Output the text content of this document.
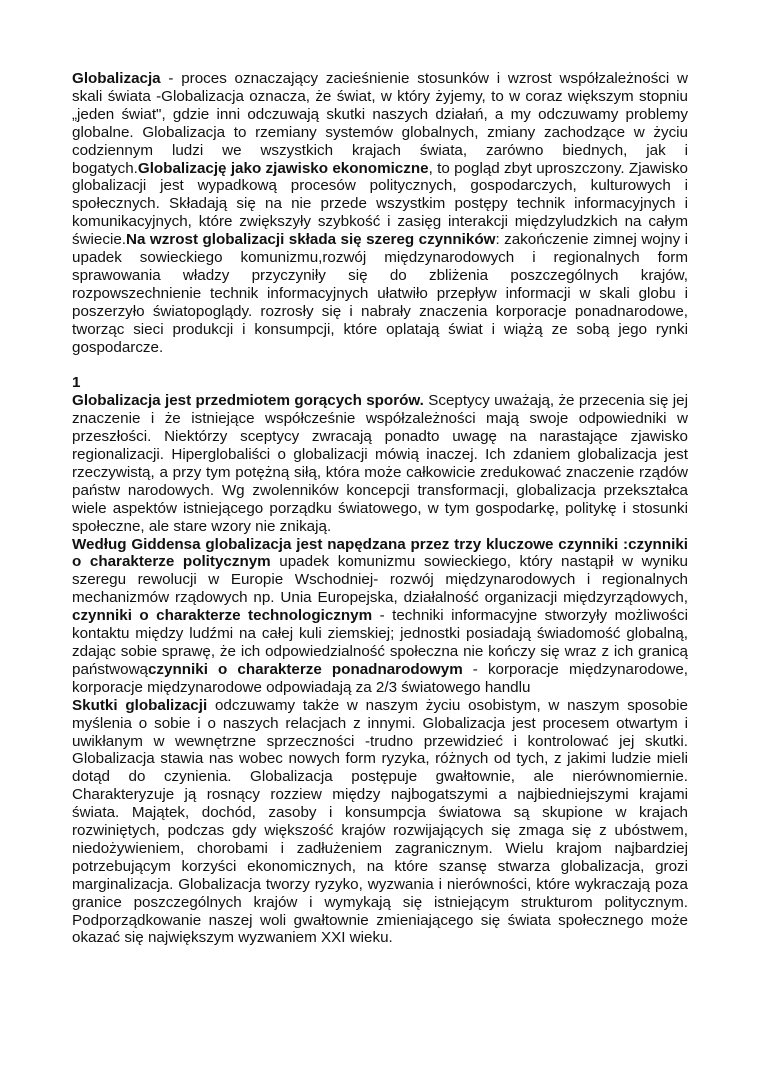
Globalizacja - proces oznaczający zacieśnienie stosunków i wzrost współzależności w skali świata -Globalizacja oznacza, że świat, w który żyjemy, to w coraz większym stopniu „jeden świat", gdzie inni odczuwają skutki naszych działań, a my odczuwamy problemy globalne. Globalizacja to rzemiany systemów globalnych, zmiany zachodzące w życiu codziennym ludzi we wszystkich krajach świata, zarówno biednych, jak i bogatych.Globalizację jako zjawisko ekonomiczne, to pogląd zbyt uproszczony. Zjawisko globalizacji jest wypadkową procesów politycznych, gospodarczych, kulturowych i społecznych. Składają się na nie przede wszystkim postępy technik informacyjnych i komunikacyjnych, które zwiększyły szybkość i zasięg interakcji międzyludzkich na całym świecie.Na wzrost globalizacji składa się szereg czynników: zakończenie zimnej wojny i upadek sowieckiego komunizmu,rozwój międzynarodowych i regionalnych form sprawowania władzy przyczyniły się do zbliżenia poszczególnych krajów, rozpowszechnienie technik informacyjnych ułatwiło przepływ informacji w skali globu i poszerzyło światopoglądy. rozrosły się i nabrały znaczenia korporacje ponadnarodowe, tworząc sieci produkcji i konsumpcji, które oplatają świat i wiążą ze sobą jego rynki gospodarcze.

1

Globalizacja jest przedmiotem gorących sporów. Sceptycy uważają, że przecenia się jej znaczenie i że istniejące współcześnie współzależności mają swoje odpowiedniki w przeszłości. Niektórzy sceptycy zwracają ponadto uwagę na narastające zjawisko regionalizacji. Hiperglobaliści o globalizacji mówią inaczej. Ich zdaniem globalizacja jest rzeczywistą, a przy tym potężną siłą, która może całkowicie zredukować znaczenie rządów państw narodowych. Wg zwolenników koncepcji transformacji, globalizacja przekształca wiele aspektów istniejącego porządku światowego, w tym gospodarkę, politykę i stosunki społeczne, ale stare wzory nie znikają.

Według Giddensa globalizacja jest napędzana przez trzy kluczowe czynniki :czynniki o charakterze politycznym upadek komunizmu sowieckiego, który nastąpił w wyniku szeregu rewolucji w Europie Wschodniej- rozwój międzynarodowych i regionalnych mechanizmów rządowych np. Unia Europejska, działalność organizacji międzyrządowych, czynniki o charakterze technologicznym - techniki informacyjne stworzyły możliwości kontaktu między ludźmi na całej kuli ziemskiej; jednostki posiadają świadomość globalną, zdając sobie sprawę, że ich odpowiedzialność społeczna nie kończy się wraz z ich granicą państwowączynniki o charakterze ponadnarodowym - korporacje międzynarodowe, korporacje międzynarodowe odpowiadają za 2/3 światowego handlu

Skutki globalizacji odczuwamy także w naszym życiu osobistym, w naszym sposobie myślenia o sobie i o naszych relacjach z innymi. Globalizacja jest procesem otwartym i uwikłanym w wewnętrzne sprzeczności -trudno przewidzieć i kontrolować jej skutki. Globalizacja stawia nas wobec nowych form ryzyka, różnych od tych, z jakimi ludzie mieli dotąd do czynienia. Globalizacja postępuje gwałtownie, ale nierównomiernie. Charakteryzuje ją rosnący rozziew między najbogatszymi a najbiedniejszymi krajami świata. Majątek, dochód, zasoby i konsumpcja światowa są skupione w krajach rozwiniętych, podczas gdy większość krajów rozwijających się zmaga się z ubóstwem, niedożywieniem, chorobami i zadłużeniem zagranicznym. Wielu krajom najbardziej potrzebującym korzyści ekonomicznych, na które szansę stwarza globalizacja, grozi marginalizacja. Globalizacja tworzy ryzyko, wyzwania i nierówności, które wykraczają poza granice poszczególnych krajów i wymykają się istniejącym strukturom politycznym. Podporządkowanie naszej woli gwałtownie zmieniającego się świata społecznego może okazać się największym wyzwaniem XXI wieku.
